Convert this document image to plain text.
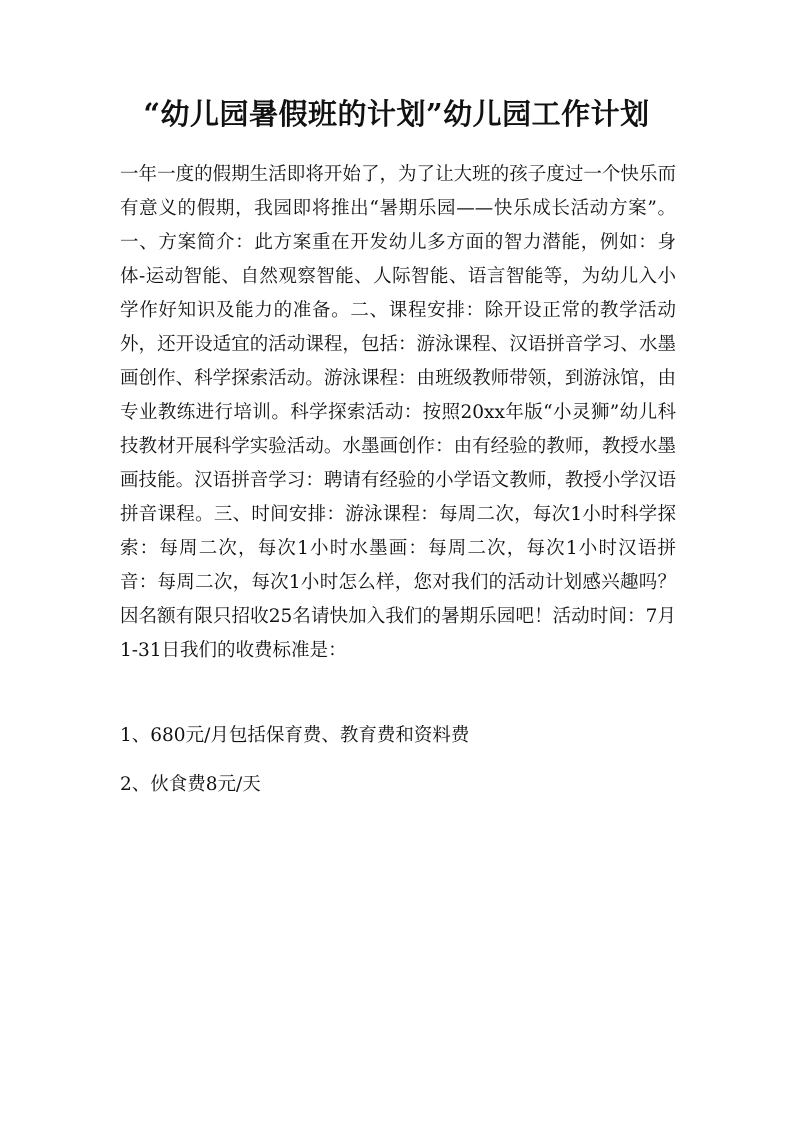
“幼儿园暑假班的计划”幼儿园工作计划

一年一度的假期生活即将开始了，为了让大班的孩子度过一个快乐而有意义的假期，我园即将推出“暑期乐园——快乐成长活动方案”。一、方案简介：此方案重在开发幼儿多方面的智力潜能，例如：身体-运动智能、自然观察智能、人际智能、语言智能等，为幼儿入小学作好知识及能力的准备。二、课程安排：除开设正常的教学活动外，还开设适宜的活动课程，包括：游泳课程、汉语拼音学习、水墨画创作、科学探索活动。游泳课程：由班级教师带领，到游泳馆，由专业教练进行培训。科学探索活动：按照20xx年版“小灵狮”幼儿科技教材开展科学实验活动。水墨画创作：由有经验的教师，教授水墨画技能。汉语拼音学习：聘请有经验的小学语文教师，教授小学汉语拼音课程。三、时间安排：游泳课程：每周二次，每次1小时科学探索：每周二次，每次1小时水墨画：每周二次，每次1小时汉语拼音：每周二次，每次1小时怎么样，您对我们的活动计划感兴趣吗？因名额有限只招收25名请快加入我们的暑期乐园吧！活动时间：7月1-31日我们的收费标准是：

1、680元/月包括保育费、教育费和资料费

2、伙食费8元/天
